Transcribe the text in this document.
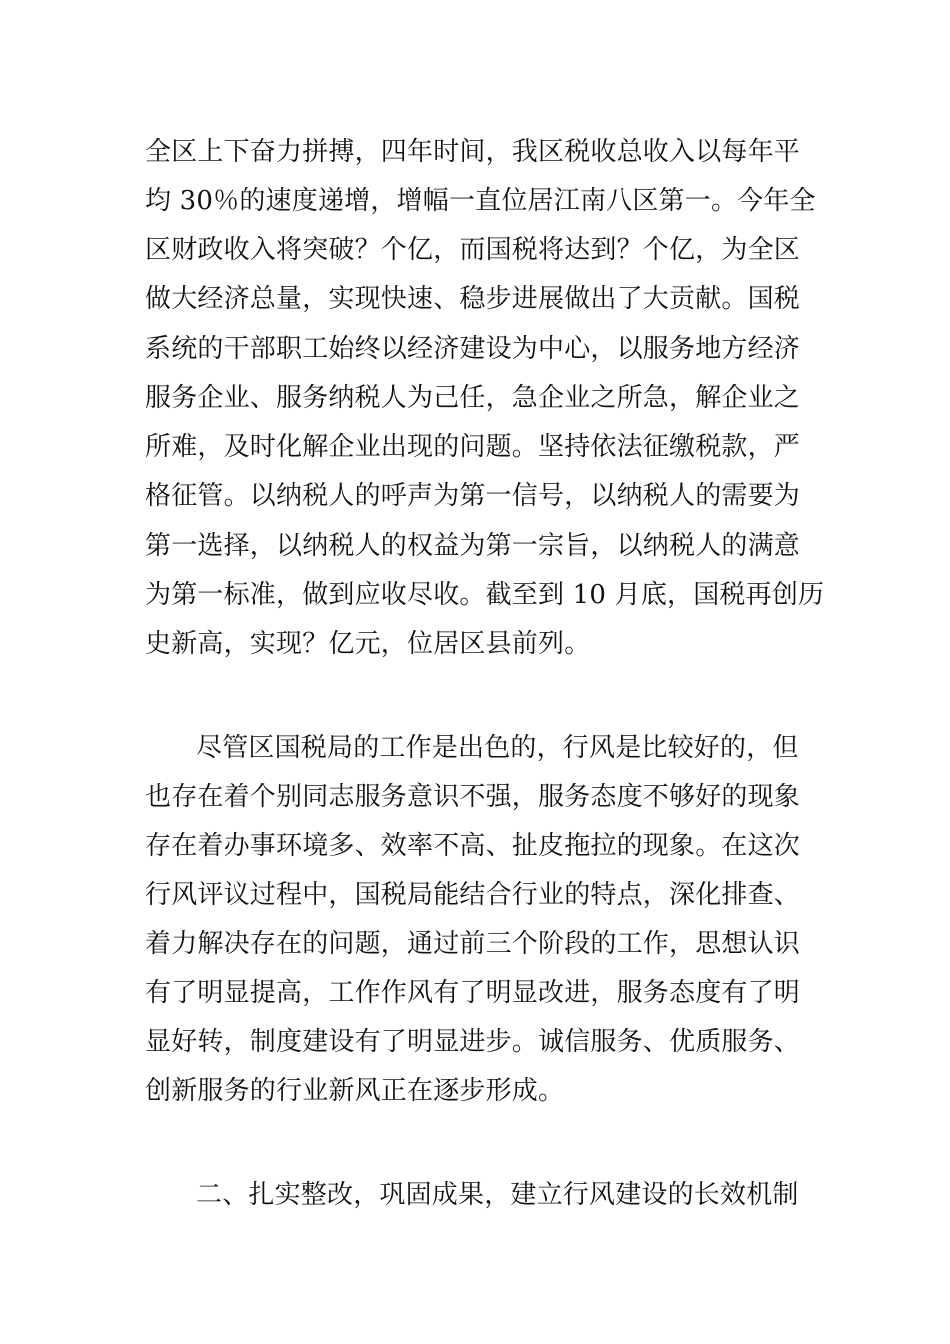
全区上下奋力拼搏，四年时间，我区税收总收入以每年平
均 30％的速度递增，增幅一直位居江南八区第一。今年全
区财政收入将突破？个亿，而国税将达到？个亿，为全区
做大经济总量，实现快速、稳步进展做出了大贡献。国税
系统的干部职工始终以经济建设为中心，以服务地方经济
服务企业、服务纳税人为己任，急企业之所急，解企业之
所难，及时化解企业出现的问题。坚持依法征缴税款，严
格征管。以纳税人的呼声为第一信号，以纳税人的需要为
第一选择，以纳税人的权益为第一宗旨，以纳税人的满意
为第一标准，做到应收尽收。截至到 10 月底，国税再创历
史新高，实现？亿元，位居区县前列。
尽管区国税局的工作是出色的，行风是比较好的，但
也存在着个别同志服务意识不强，服务态度不够好的现象
存在着办事环境多、效率不高、扯皮拖拉的现象。在这次
行风评议过程中，国税局能结合行业的特点，深化排查、
着力解决存在的问题，通过前三个阶段的工作，思想认识
有了明显提高，工作作风有了明显改进，服务态度有了明
显好转，制度建设有了明显进步。诚信服务、优质服务、
创新服务的行业新风正在逐步形成。
二、扎实整改，巩固成果，建立行风建设的长效机制
